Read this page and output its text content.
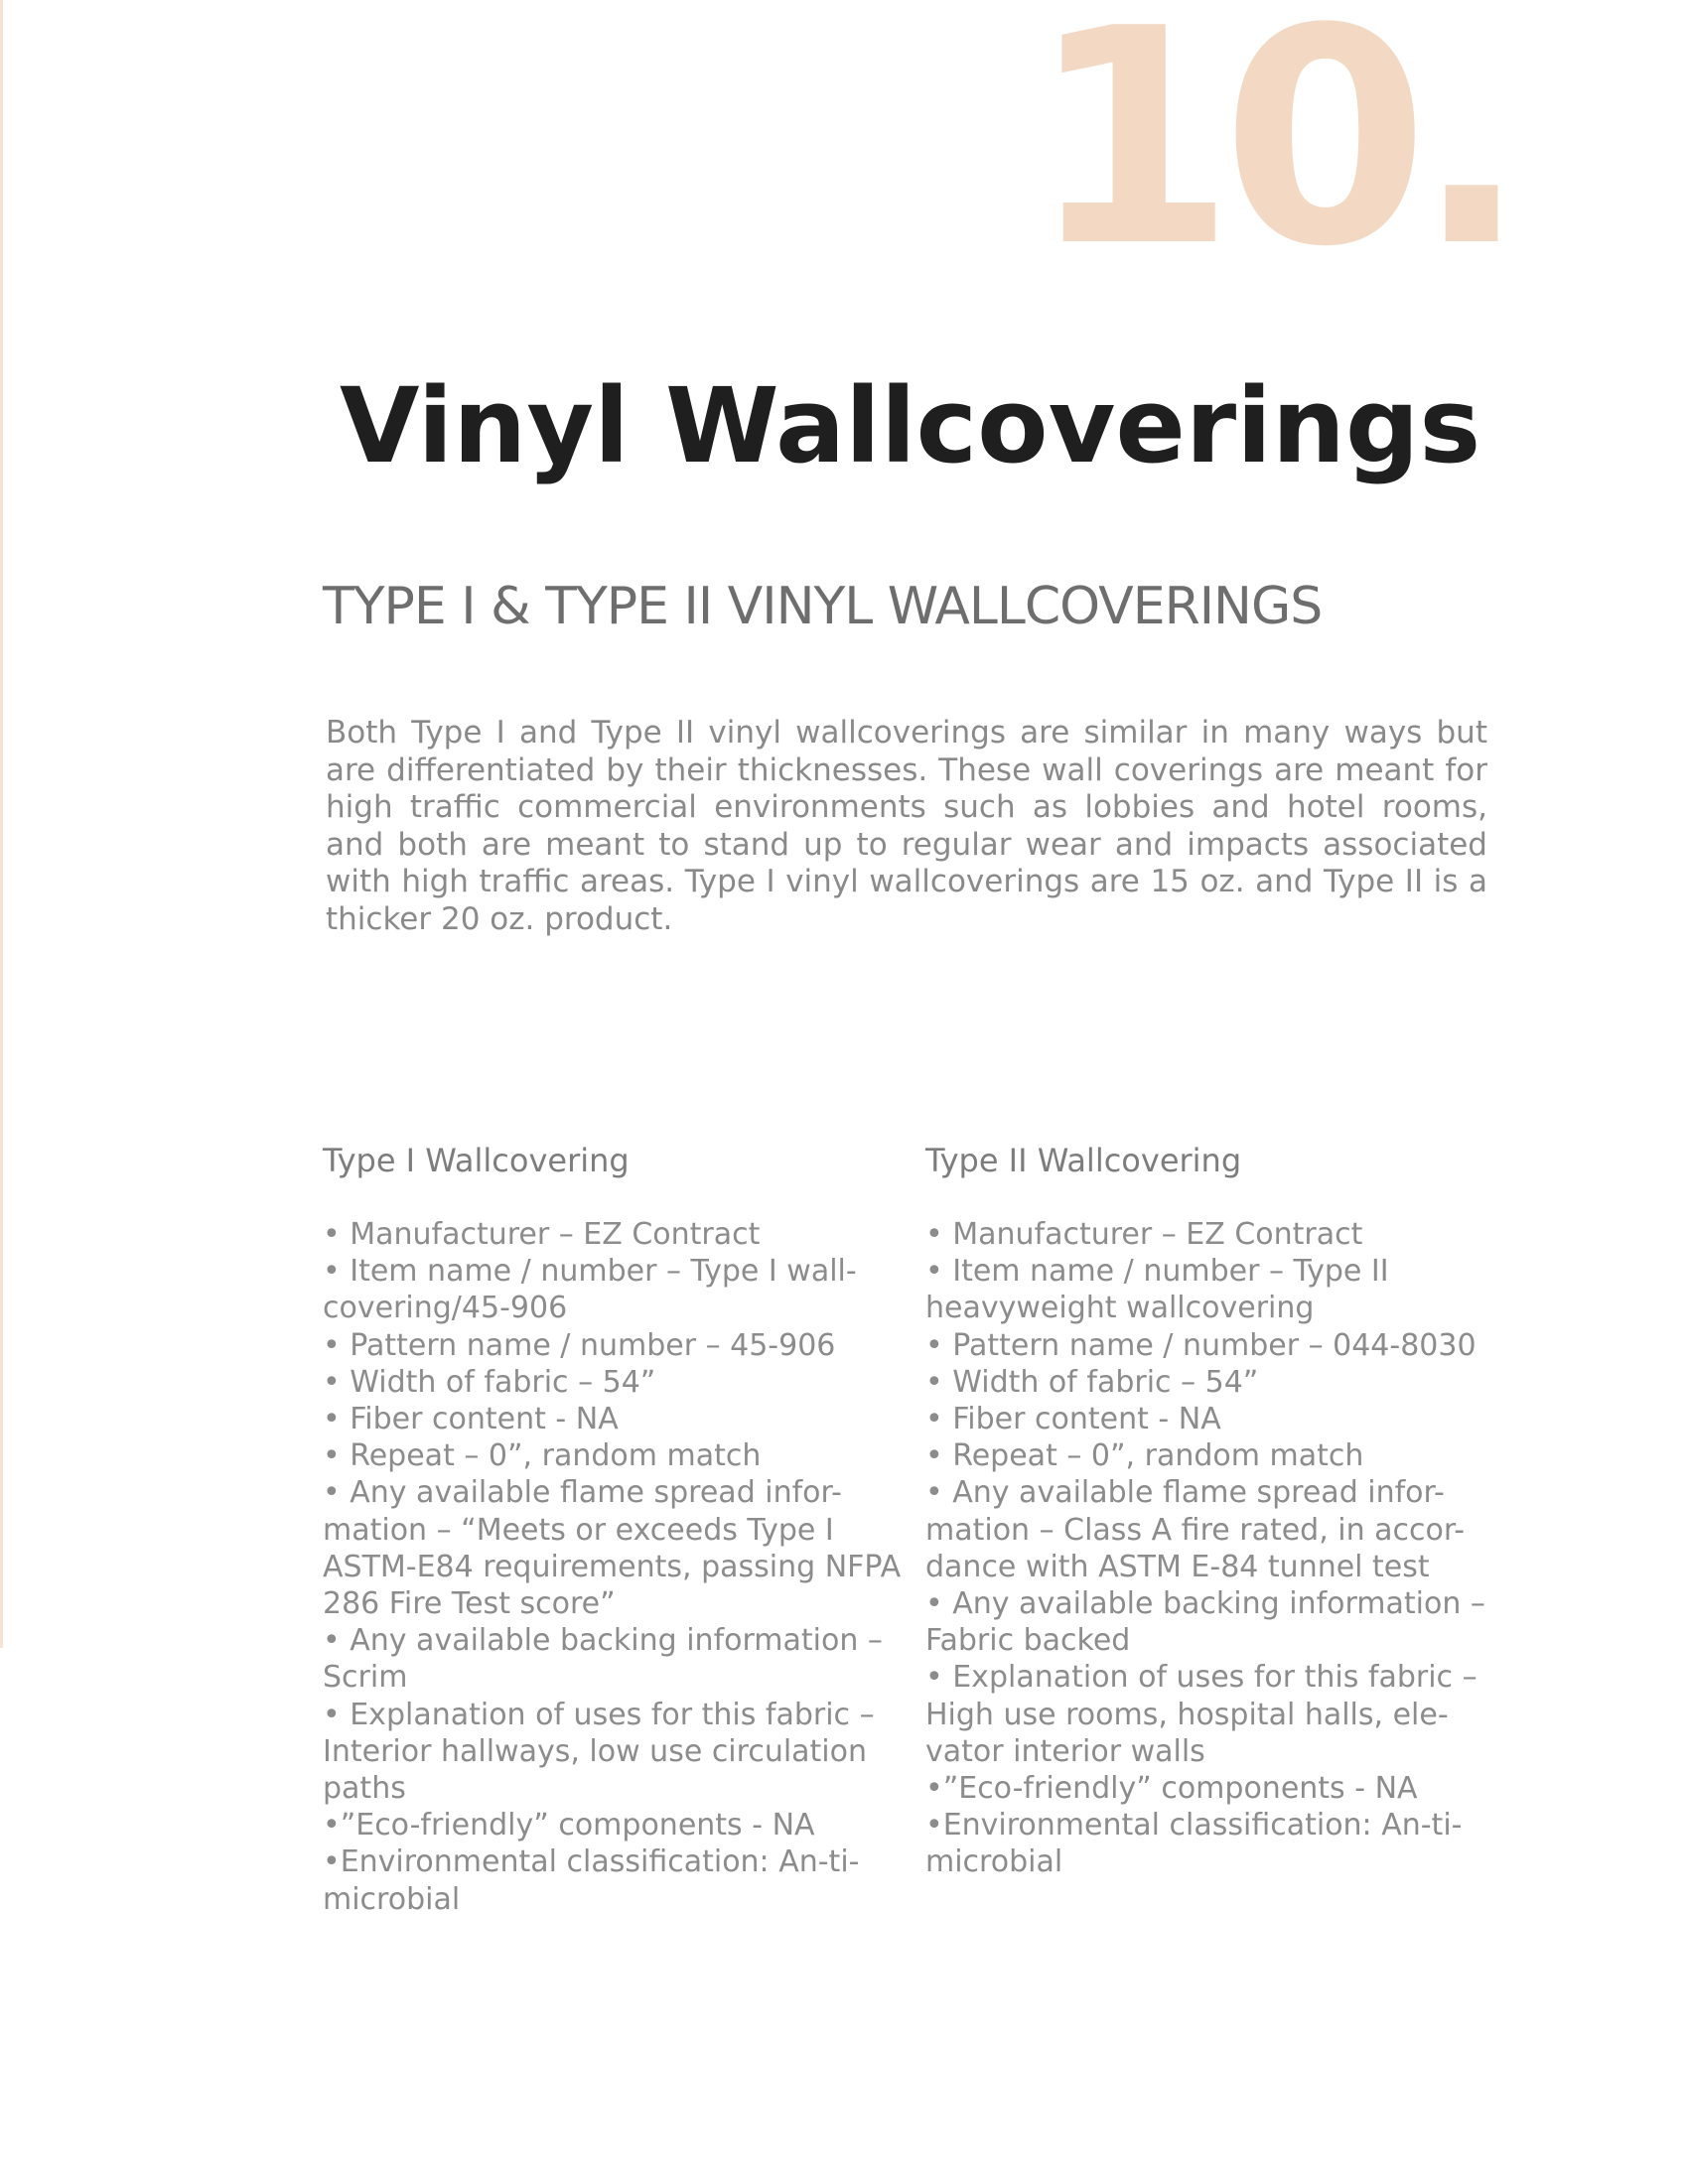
10.
Vinyl Wallcoverings
TYPE I & TYPE II VINYL WALLCOVERINGS

Both Type I and Type II vinyl wallcoverings are similar in many ways but are differentiated by their thicknesses. These wall coverings are meant for high traffic commercial environments such as lobbies and hotel rooms, and both are meant to stand up to regular wear and impacts associated with high traffic areas. Type I vinyl wallcoverings are 15 oz. and Type II is a thicker 20 oz. product.

Type I Wallcovering
• Manufacturer – EZ Contract
• Item name / number – Type I wall-covering/45-906
• Pattern name / number – 45-906
• Width of fabric – 54”
• Fiber content - NA
• Repeat – 0”, random match
• Any available flame spread infor-mation – “Meets or exceeds Type I ASTM-E84 requirements, passing NFPA 286 Fire Test score”
• Any available backing information – Scrim
• Explanation of uses for this fabric – Interior hallways, low use circulation paths
•”Eco-friendly” components - NA
•Environmental classification: An-ti-microbial
Type II Wallcovering
• Manufacturer – EZ Contract
• Item name / number – Type II heavyweight wallcovering
• Pattern name / number – 044-8030
• Width of fabric – 54”
• Fiber content - NA
• Repeat – 0”, random match
• Any available flame spread infor-mation – Class A fire rated, in accor-dance with ASTM E-84 tunnel test
• Any available backing information – Fabric backed
• Explanation of uses for this fabric – High use rooms, hospital halls, ele-vator interior walls
•”Eco-friendly” components - NA
•Environmental classification: An-ti-microbial
